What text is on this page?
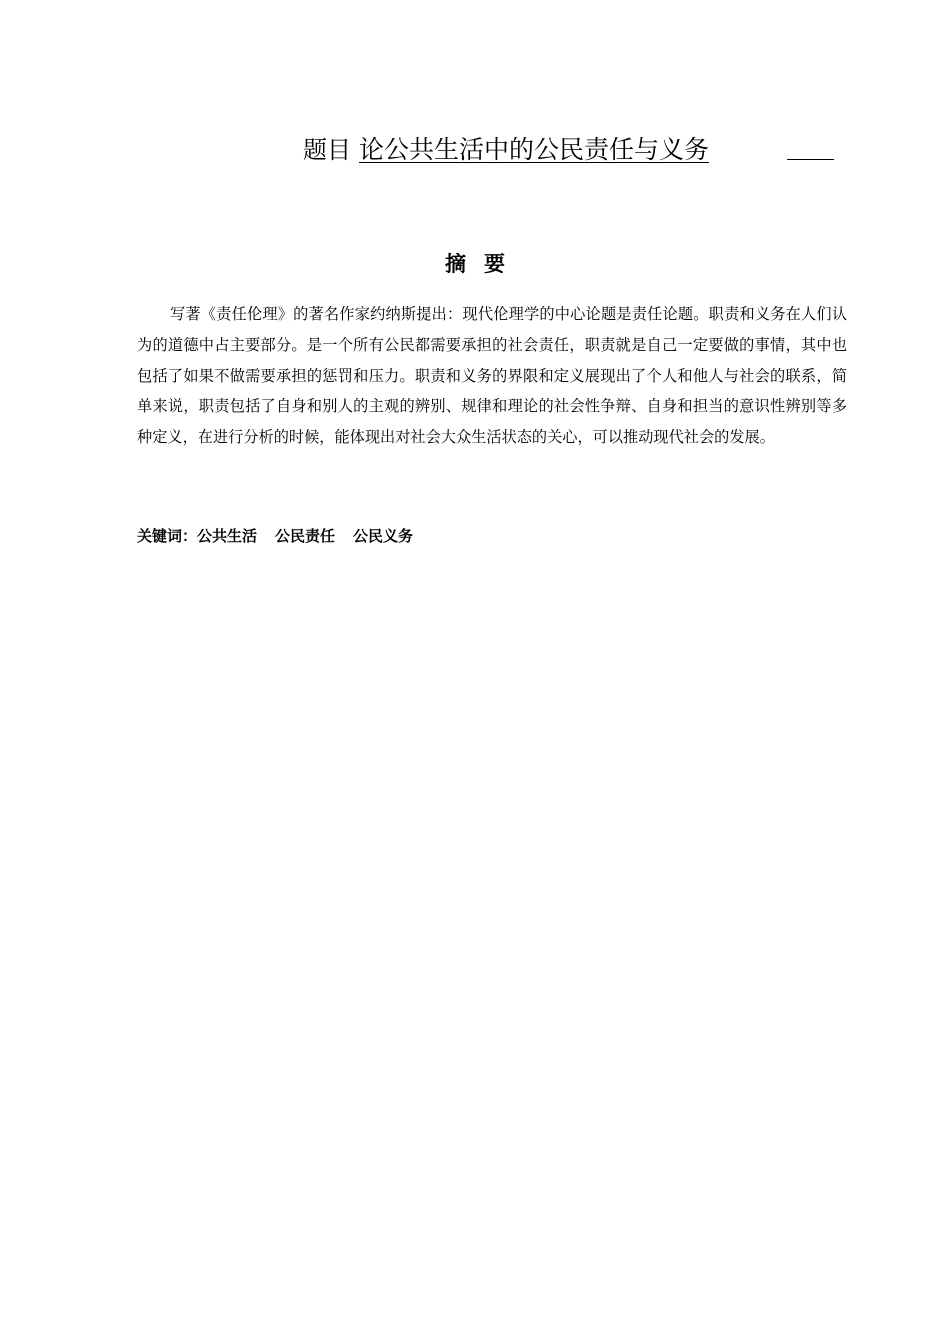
题目 论公共生活中的公民责任与义务
摘要

写著《责任伦理》的著名作家约纳斯提出：现代伦理学的中心论题是责任论题。职责和义务在人们认为的道德中占主要部分。是一个所有公民都需要承担的社会责任，职责就是自己一定要做的事情，其中也包括了如果不做需要承担的惩罚和压力。职责和义务的界限和定义展现出了个人和他人与社会的联系，简单来说，职责包括了自身和别人的主观的辨别、规律和理论的社会性争辩、自身和担当的意识性辨别等多种定义，在进行分析的时候，能体现出对社会大众生活状态的关心，可以推动现代社会的发展。

关键词：公共生活 公民责任 公民义务
